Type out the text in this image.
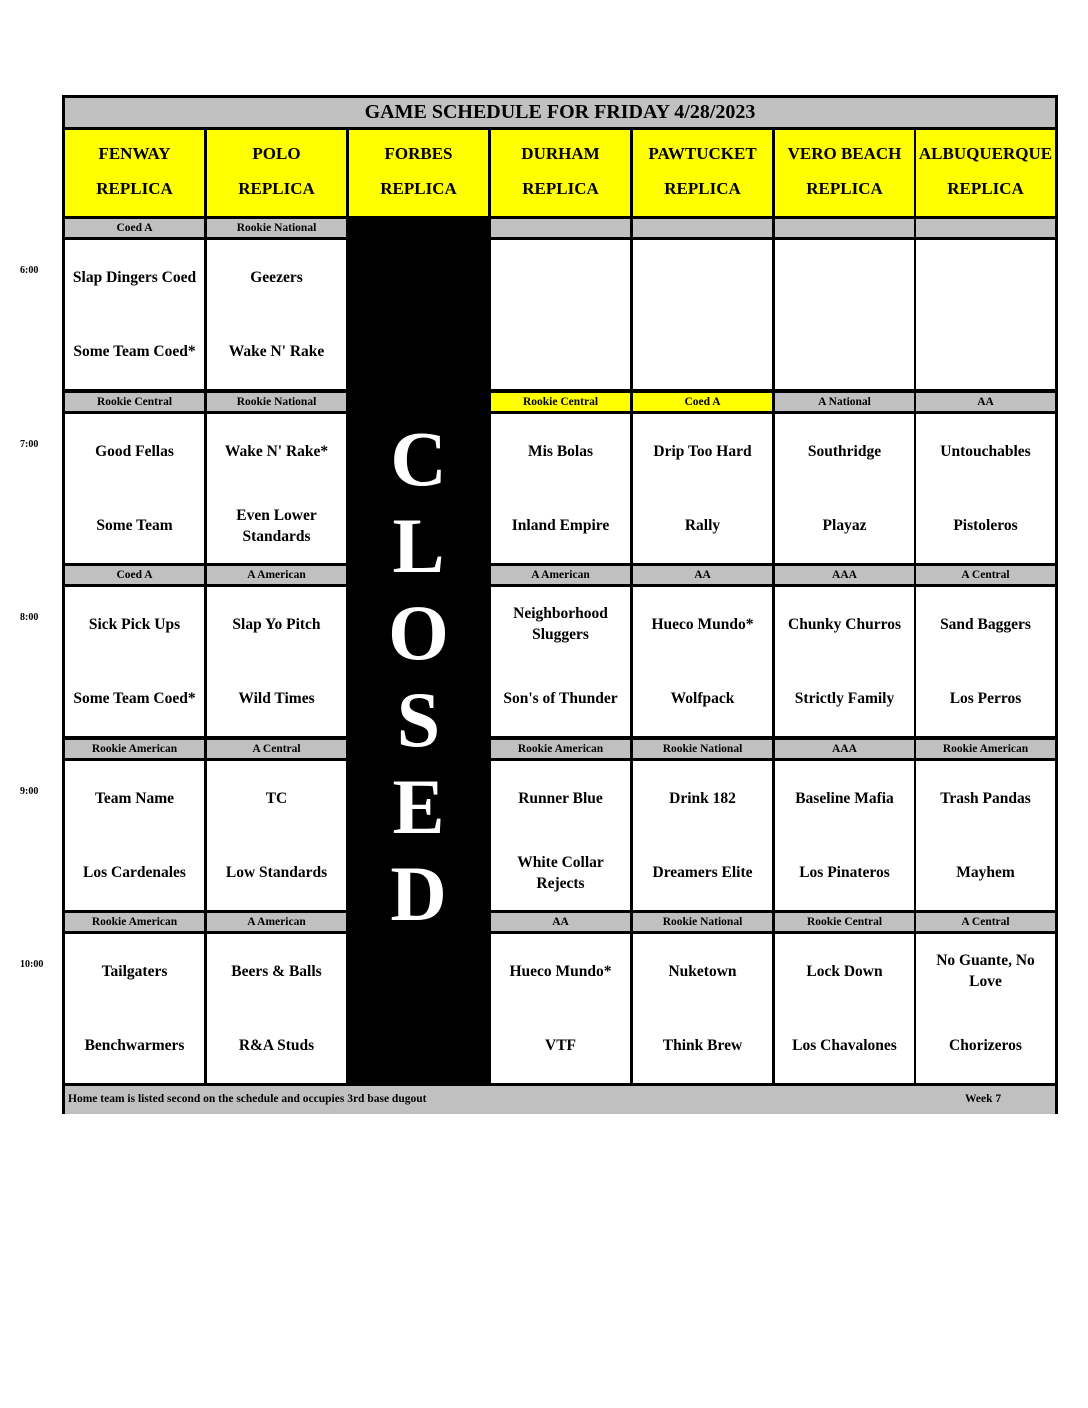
GAME SCHEDULE FOR FRIDAY 4/28/2023
FENWAY
REPLICA
POLO
REPLICA
FORBES
REPLICA
DURHAM
REPLICA
PAWTUCKET
REPLICA
VERO BEACH
REPLICA
ALBUQUERQUE
REPLICA
C
L
O
S
E
D
Coed A
Slap Dingers Coed
Some Team Coed*
Rookie National
Geezers
Wake N' Rake
Rookie Central
Good Fellas
Some Team
Rookie National
Wake N' Rake*
Even Lower Standards
Rookie Central
Mis Bolas
Inland Empire
Coed A
Drip Too Hard
Rally
A National
Southridge
Playaz
AA
Untouchables
Pistoleros
Coed A
Sick Pick Ups
Some Team Coed*
A American
Slap Yo Pitch
Wild Times
A American
Neighborhood Sluggers
Son's of Thunder
AA
Hueco Mundo*
Wolfpack
AAA
Chunky Churros
Strictly Family
A Central
Sand Baggers
Los Perros
Rookie American
Team Name
Los Cardenales
A Central
TC
Low Standards
Rookie American
Runner Blue
White Collar Rejects
Rookie National
Drink 182
Dreamers Elite
AAA
Baseline Mafia
Los Pinateros
Rookie American
Trash Pandas
Mayhem
Rookie American
Tailgaters
Benchwarmers
A American
Beers & Balls
R&A Studs
AA
Hueco Mundo*
VTF
Rookie National
Nuketown
Think Brew
Rookie Central
Lock Down
Los Chavalones
A Central
No Guante, No Love
Chorizeros
Home team is listed second on the schedule and occupies 3rd base dugout	Week 7
6:00
7:00
8:00
9:00
10:00
